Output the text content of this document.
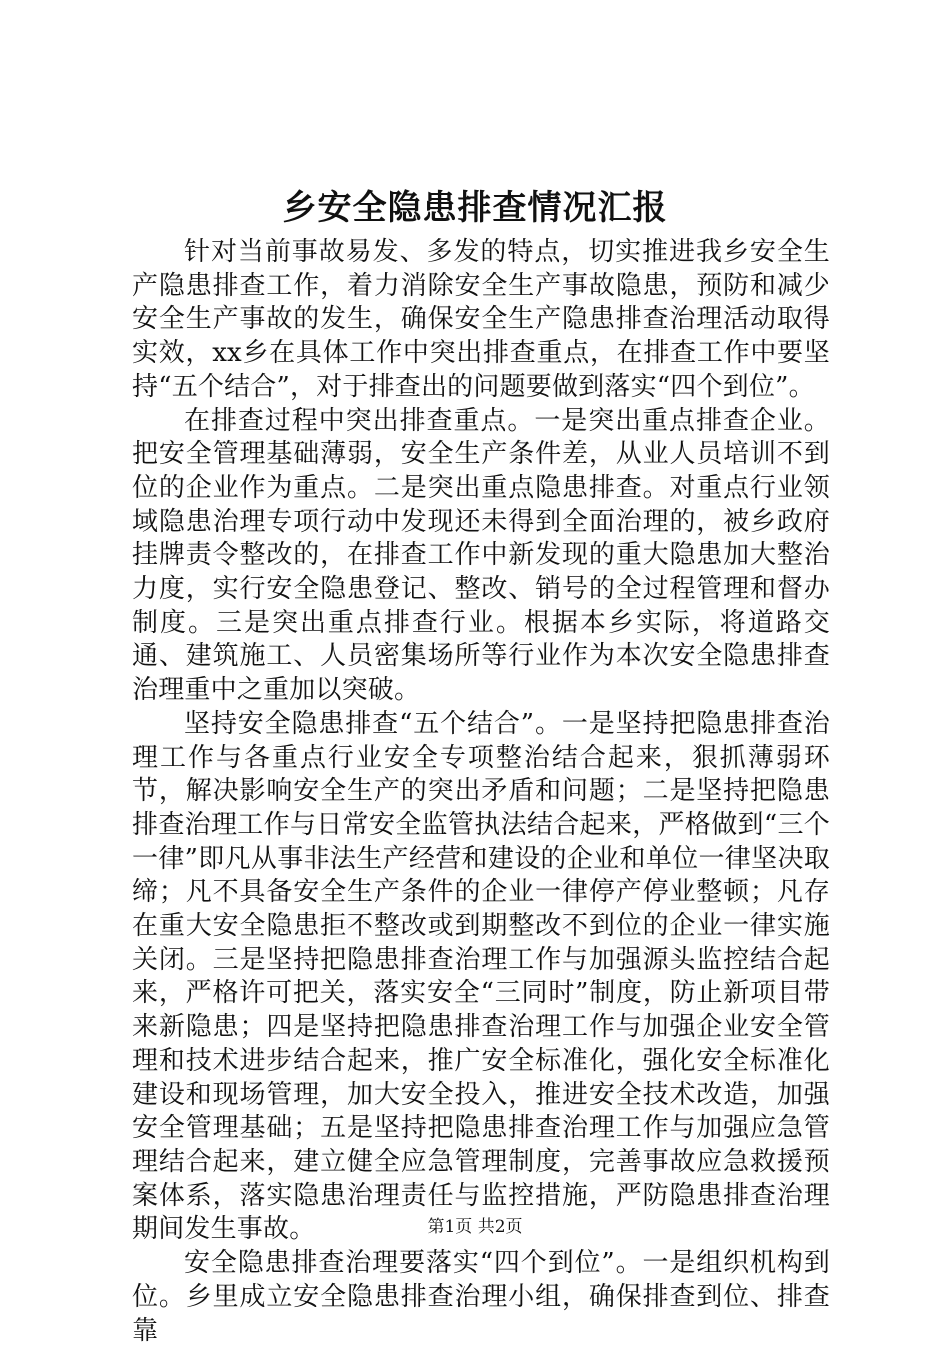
乡安全隐患排查情况汇报

针对当前事故易发、多发的特点，切实推进我乡安全生产隐患排查工作，着力消除安全生产事故隐患，预防和减少安全生产事故的发生，确保安全生产隐患排查治理活动取得实效，xx乡在具体工作中突出排查重点，在排查工作中要坚持“五个结合”，对于排查出的问题要做到落实“四个到位”。

在排查过程中突出排查重点。一是突出重点排查企业。把安全管理基础薄弱，安全生产条件差，从业人员培训不到位的企业作为重点。二是突出重点隐患排查。对重点行业领域隐患治理专项行动中发现还未得到全面治理的，被乡政府挂牌责令整改的，在排查工作中新发现的重大隐患加大整治力度，实行安全隐患登记、整改、销号的全过程管理和督办制度。三是突出重点排查行业。根据本乡实际，将道路交通、建筑施工、人员密集场所等行业作为本次安全隐患排查治理重中之重加以突破。

坚持安全隐患排查“五个结合”。一是坚持把隐患排查治理工作与各重点行业安全专项整治结合起来，狠抓薄弱环节，解决影响安全生产的突出矛盾和问题；二是坚持把隐患排查治理工作与日常安全监管执法结合起来，严格做到“三个一律”即凡从事非法生产经营和建设的企业和单位一律坚决取缔；凡不具备安全生产条件的企业一律停产停业整顿；凡存在重大安全隐患拒不整改或到期整改不到位的企业一律实施关闭。三是坚持把隐患排查治理工作与加强源头监控结合起来，严格许可把关，落实安全“三同时”制度，防止新项目带来新隐患；四是坚持把隐患排查治理工作与加强企业安全管理和技术进步结合起来，推广安全标准化，强化安全标准化建设和现场管理，加大安全投入，推进安全技术改造，加强安全管理基础；五是坚持把隐患排查治理工作与加强应急管理结合起来，建立健全应急管理制度，完善事故应急救援预案体系，落实隐患治理责任与监控措施，严防隐患排查治理期间发生事故。

安全隐患排查治理要落实“四个到位”。一是组织机构到位。乡里成立安全隐患排查治理小组，确保排查到位、排查靠

第1页 共2页
